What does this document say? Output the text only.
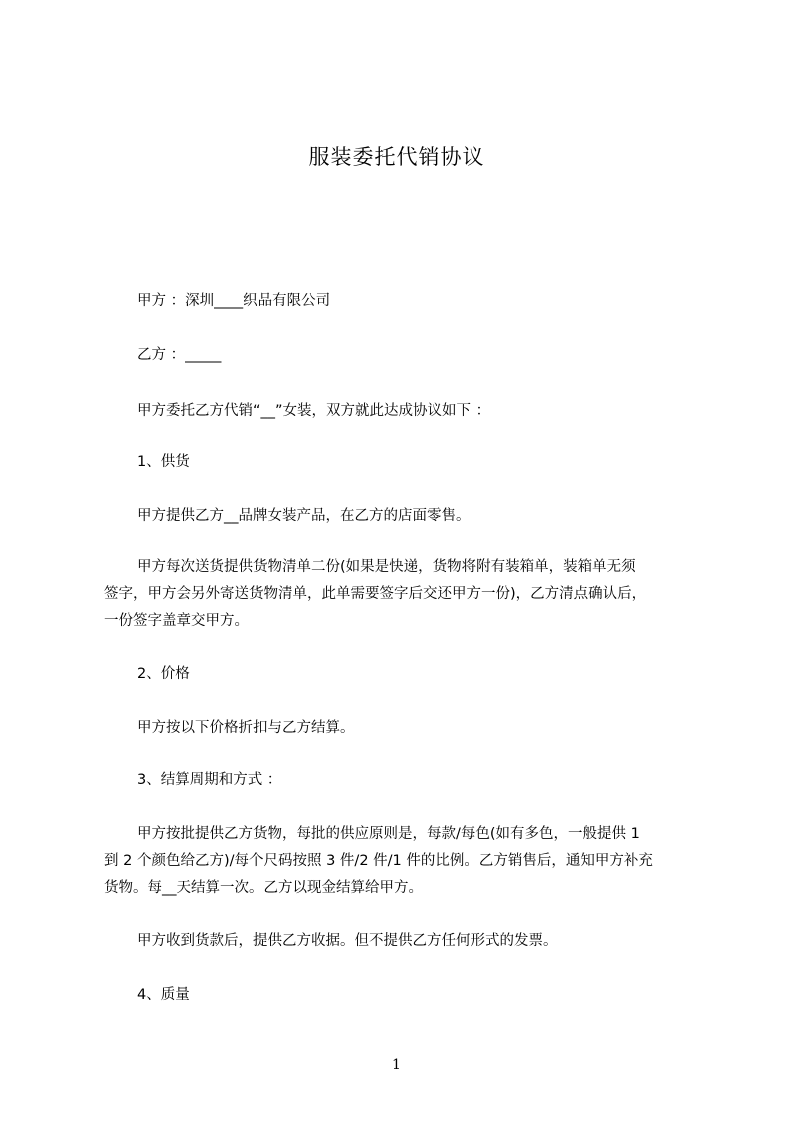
服装委托代销协议
甲方 ：深圳____织品有限公司
乙方 ：_____
甲方委托乙方代销“__”女装，双方就此达成协议如下 ：
1、供货
甲方提供乙方__品牌女装产品，在乙方的店面零售。
甲方每次送货提供货物清单二份(如果是快递，货物将附有装箱单，装箱单无须
签字，甲方会另外寄送货物清单，此单需要签字后交还甲方一份)，乙方清点确认后，
一份签字盖章交甲方。
2、价格
甲方按以下价格折扣与乙方结算。
3、结算周期和方式 ：
甲方按批提供乙方货物，每批的供应原则是，每款/每色(如有多色，一般提供 1
到 2 个颜色给乙方)/每个尺码按照 3 件/2 件/1 件的比例。乙方销售后，通知甲方补充
货物。每__天结算一次。乙方以现金结算给甲方。
甲方收到货款后，提供乙方收据。但不提供乙方任何形式的发票。
4、质量
1
